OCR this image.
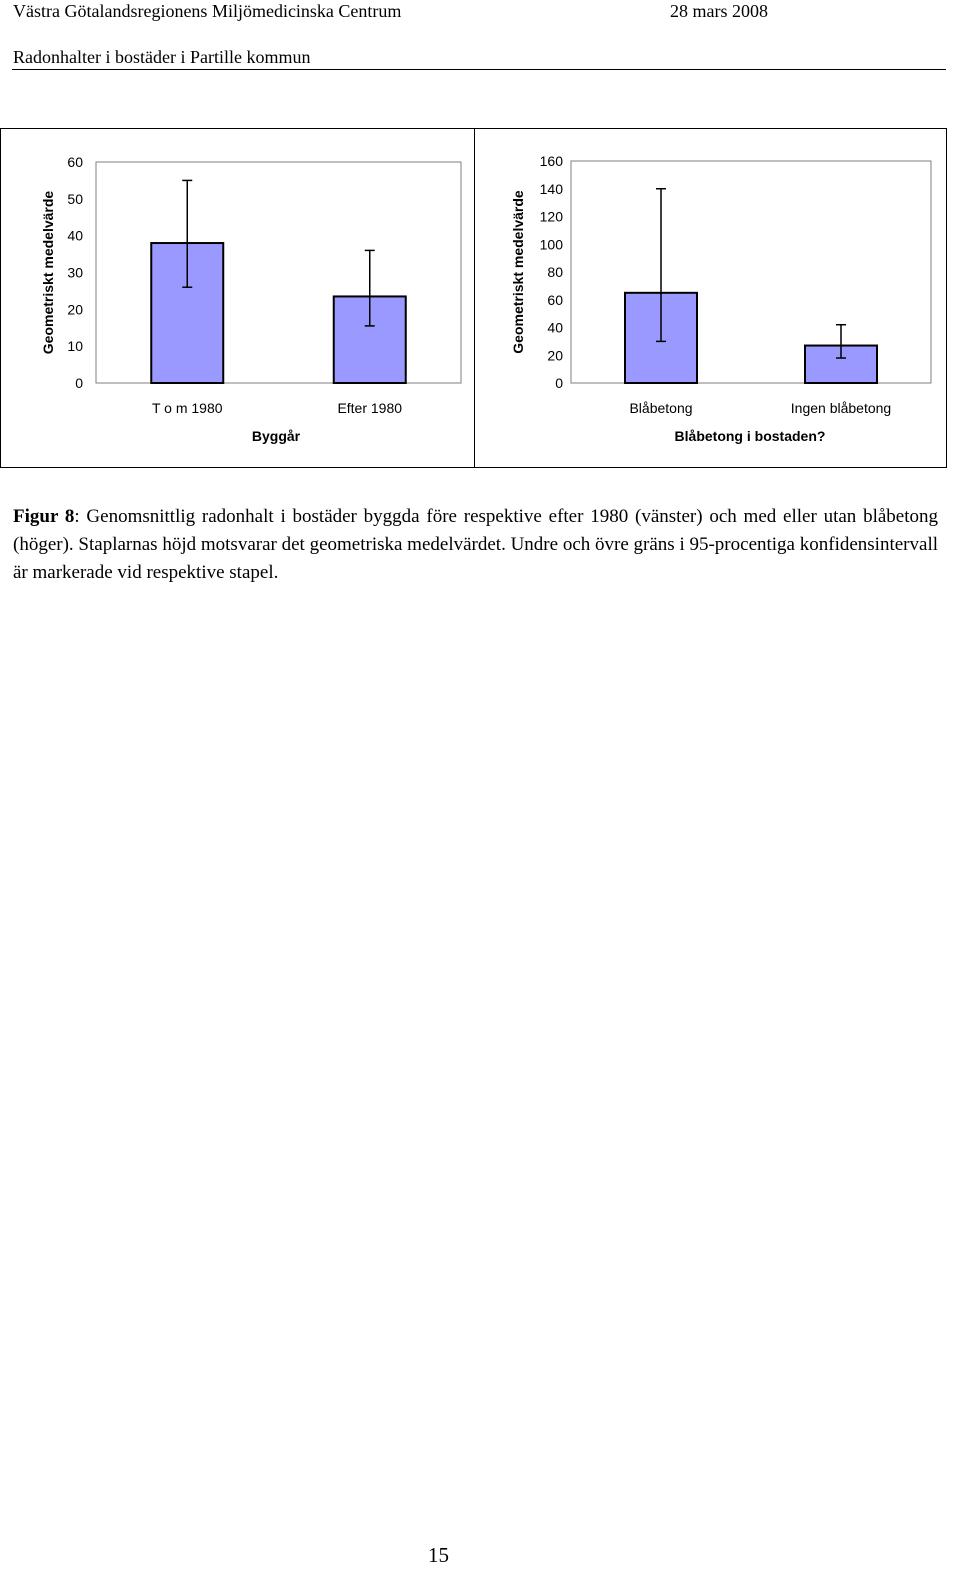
Västra Götalandsregionens Miljömedicinska Centrum	28 mars 2008
Radonhalter i bostäder i Partille kommun
0
10
20
30
40
50
60
Geometriskt medelvärde
T o m 1980	Efter 1980
Byggår
0
20
40
60
80
100
120
140
160
Geometriskt medelvärde
Blåbetong	Ingen blåbetong
Blåbetong i bostaden?
Figur 8: Genomsnittlig radonhalt i bostäder byggda före respektive efter 1980 (vänster) och med eller utan blåbetong (höger). Staplarnas höjd motsvarar det geometriska medelvärdet. Undre och övre gräns i 95-procentiga konfidensintervall är markerade vid respektive stapel.
15
